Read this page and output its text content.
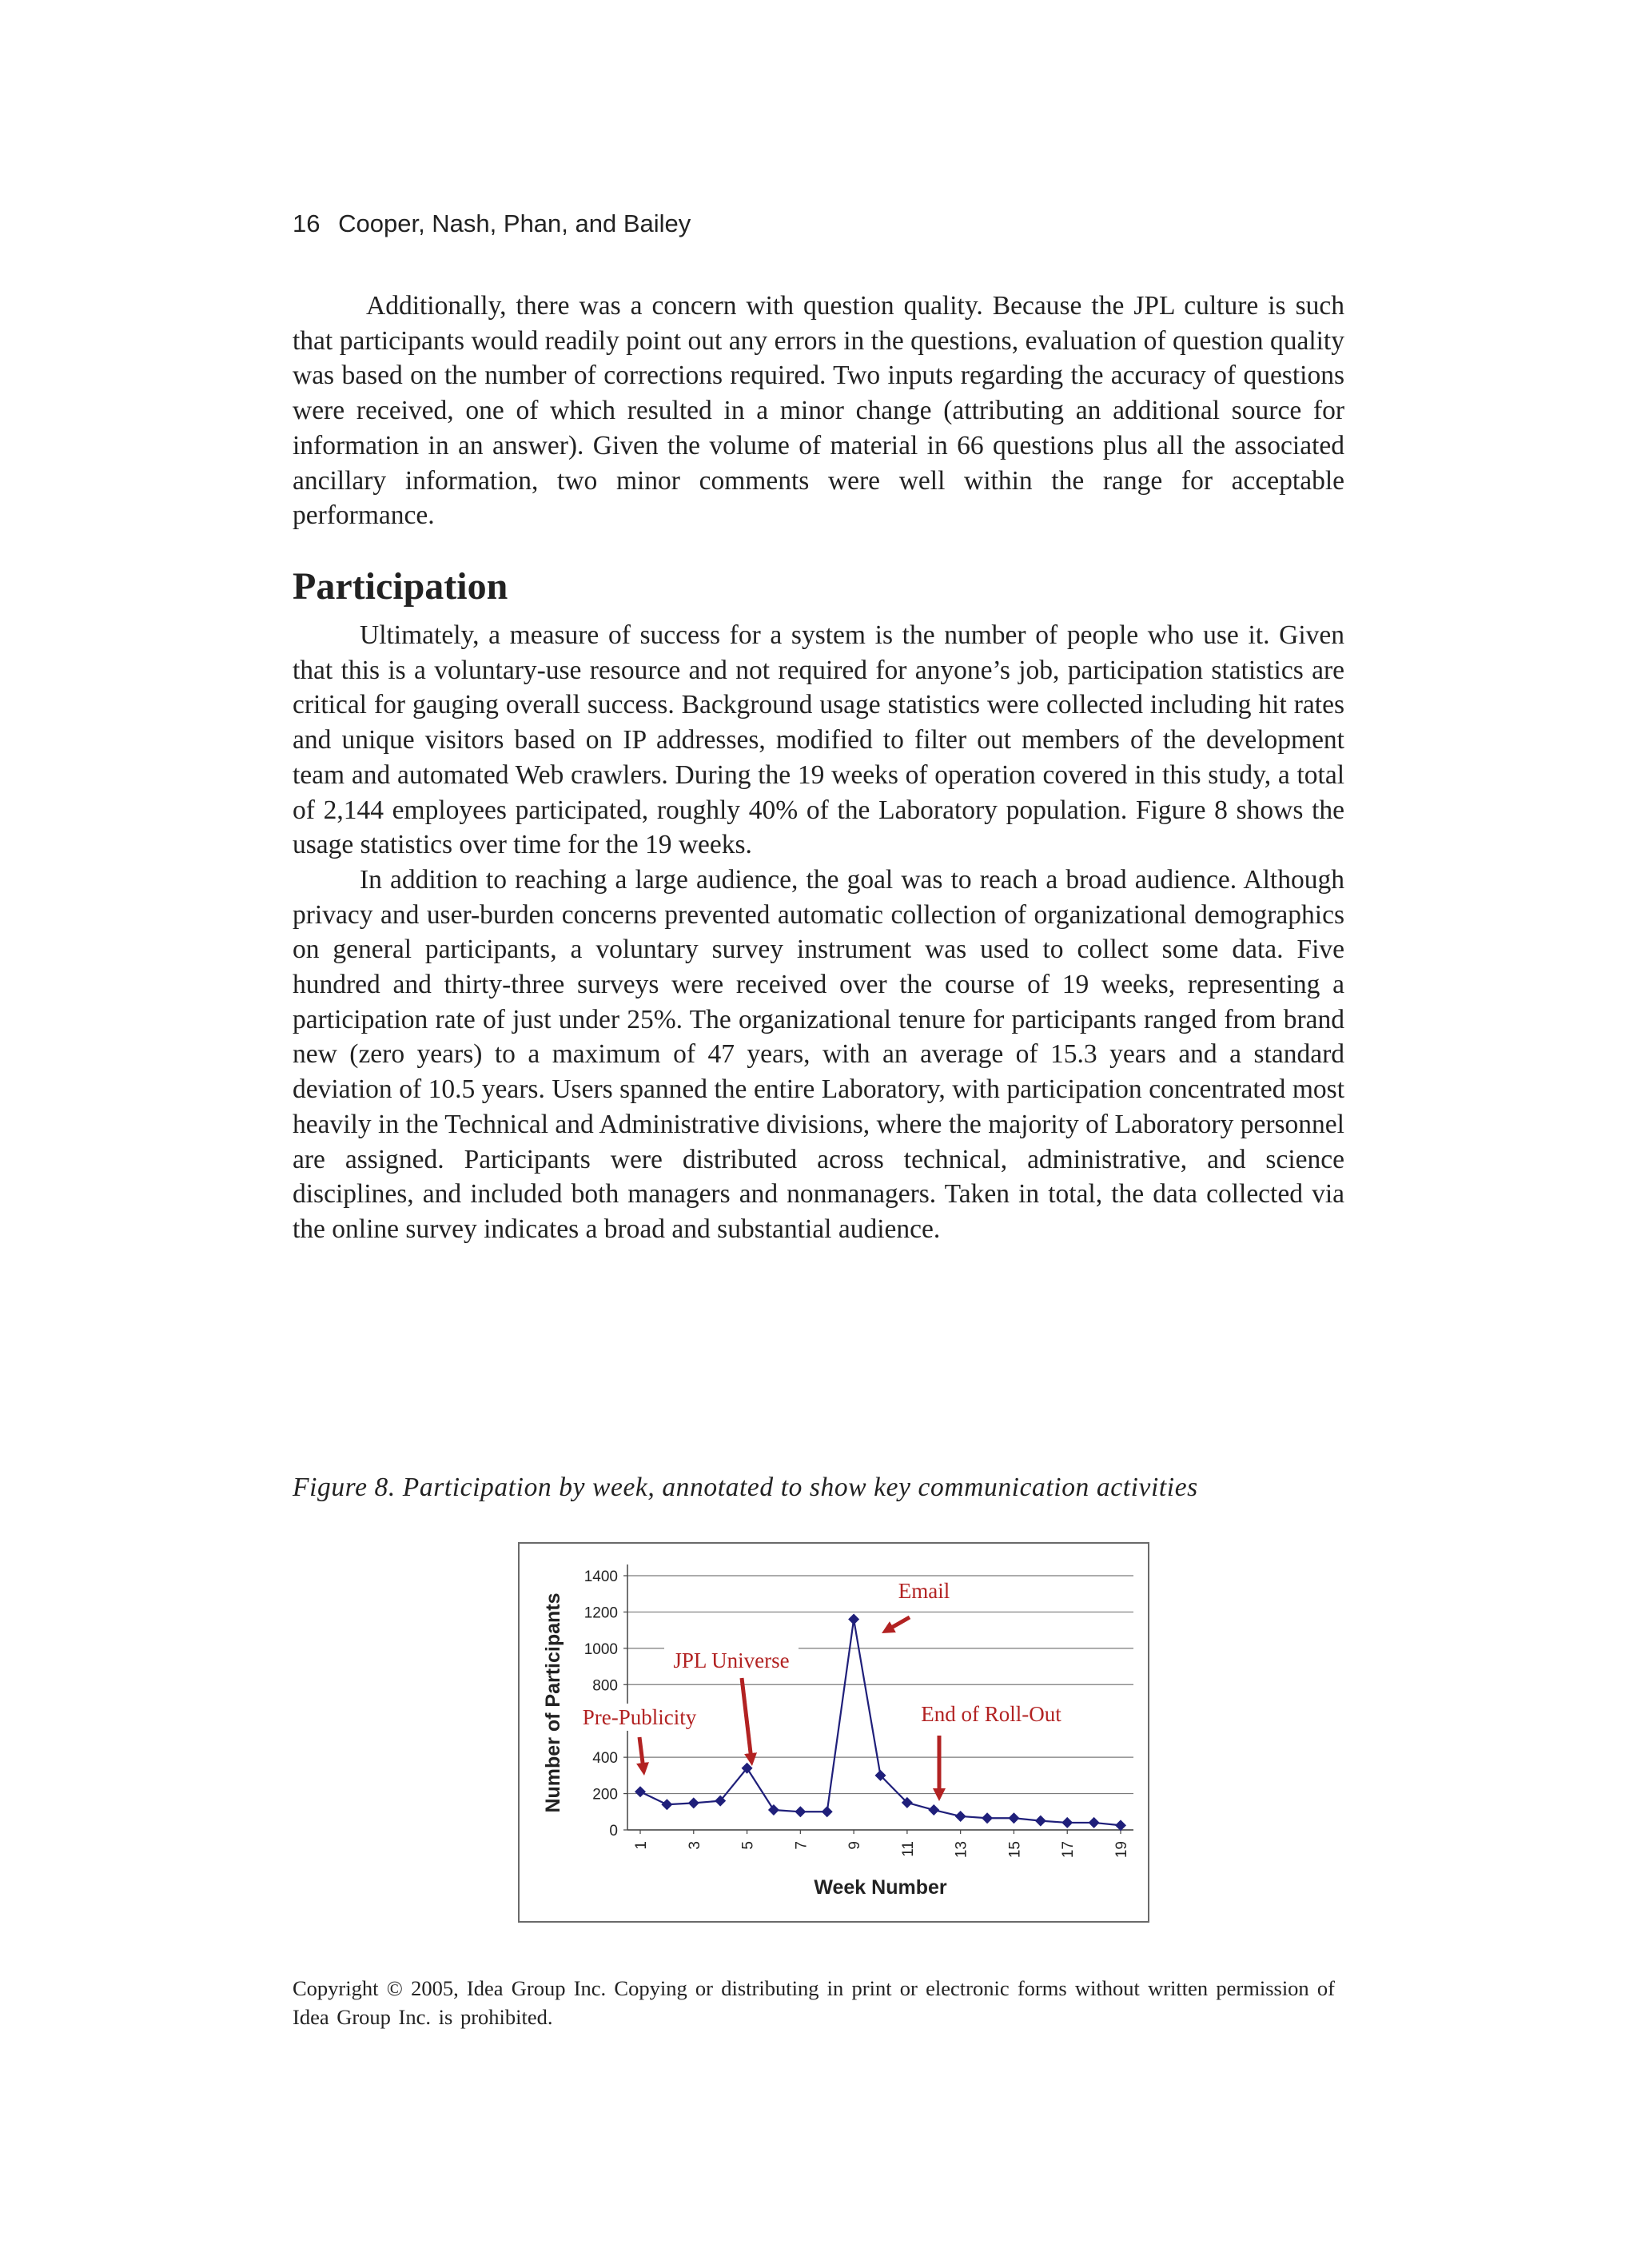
16 Cooper, Nash, Phan, and Bailey

Additionally, there was a concern with question quality. Because the JPL culture is such that participants would readily point out any errors in the questions, evaluation of question quality was based on the number of corrections required. Two inputs regarding the accuracy of questions were received, one of which resulted in a minor change (attributing an additional source for information in an answer). Given the volume of material in 66 questions plus all the associated ancillary information, two minor comments were well within the range for acceptable performance.

Participation

Ultimately, a measure of success for a system is the number of people who use it. Given that this is a voluntary-use resource and not required for anyone’s job, participation statistics are critical for gauging overall success. Background usage statistics were collected including hit rates and unique visitors based on IP addresses, modified to filter out members of the development team and automated Web crawlers. During the 19 weeks of operation covered in this study, a total of 2,144 employees participated, roughly 40% of the Laboratory population. Figure 8 shows the usage statistics over time for the 19 weeks.

In addition to reaching a large audience, the goal was to reach a broad audience. Although privacy and user-burden concerns prevented automatic collection of organizational demographics on general participants, a voluntary survey instrument was used to collect some data. Five hundred and thirty-three surveys were received over the course of 19 weeks, representing a participation rate of just under 25%. The organizational tenure for participants ranged from brand new (zero years) to a maximum of 47 years, with an average of 15.3 years and a standard deviation of 10.5 years. Users spanned the entire Laboratory, with participation concentrated most heavily in the Technical and Administrative divisions, where the majority of Laboratory personnel are assigned. Participants were distributed across technical, administrative, and science disciplines, and included both managers and nonmanagers. Taken in total, the data collected via the online survey indicates a broad and substantial audience.

Figure 8. Participation by week, annotated to show key communication activities
0
200
400
800
1000
1200
1400
1 3 5 7 9 11 13 15 17 19
Number of Participants
Week Number
Pre-Publicity
JPL Universe
Email
End of Roll-Out
Copyright © 2005, Idea Group Inc. Copying or distributing in print or electronic forms without written permission of Idea Group Inc. is prohibited.
